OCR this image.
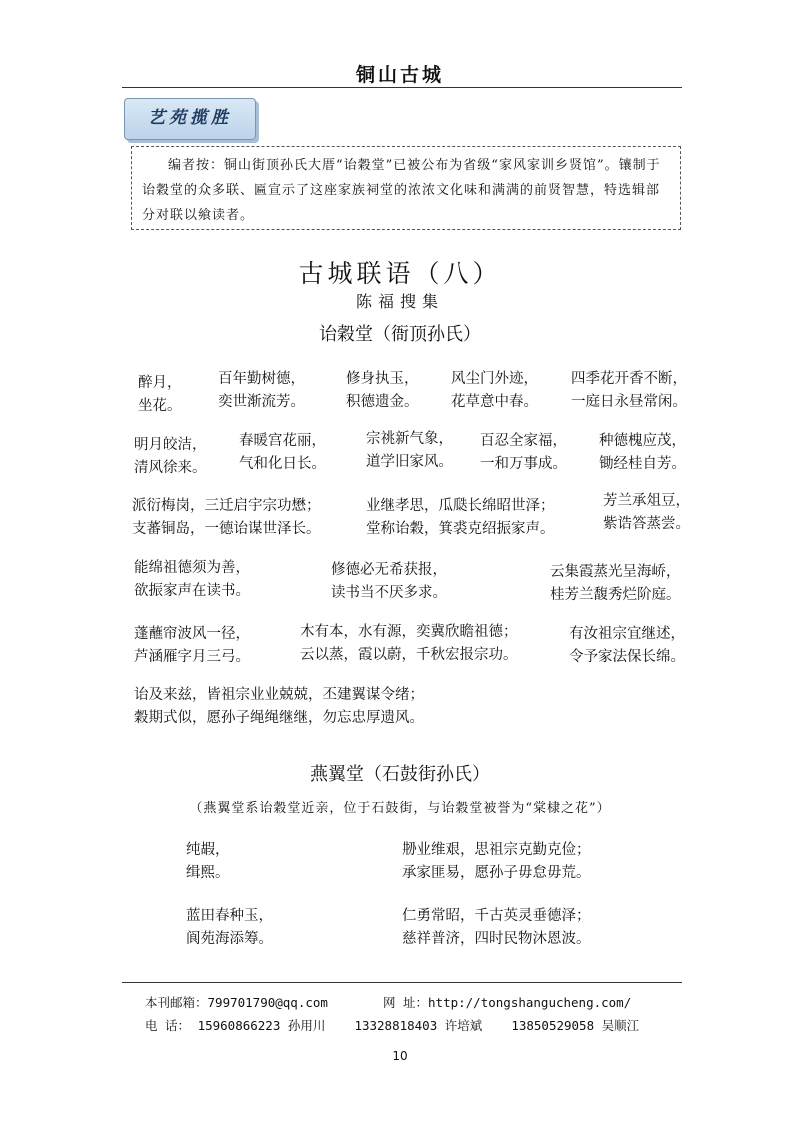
铜山古城
艺苑揽胜

编者按：铜山街顶孙氏大厝“诒穀堂”已被公布为省级“家风家训乡贤馆”。镶制于诒穀堂的众多联、匾宣示了这座家族祠堂的浓浓文化味和满满的前贤智慧，特选辑部分对联以飨读者。

古城联语（八）
陈福搜集
诒穀堂（衙顶孙氏）
醉月，
坐花。
百年勤树德，
奕世渐流芳。
修身执玉，
积德遗金。
风尘门外迹，
花草意中春。
四季花开香不断，
一庭日永昼常闲。
明月皎洁，
清风徐来。
春暖宫花丽，
气和化日长。
宗祧新气象，
道学旧家风。
百忍全家福，
一和万事成。
种德槐应茂，
锄经桂自芳。
派衍梅岗，三迁启宇宗功懋；
支蕃铜岛，一德诒谋世泽长。
业继孝思，瓜瓞长绵昭世泽；
堂称诒穀，箕裘克绍振家声。
芳兰承俎豆，
紫诰答蒸尝。
能绵祖德须为善，
欲振家声在读书。
修德必无希获报，
读书当不厌多求。
云集霞蒸光呈海峤，
桂芳兰馥秀烂阶庭。
蓬蘸帘波风一径，
芦涵雁字月三弓。
木有本，水有源，奕冀欣瞻祖德；
云以蒸，霞以蔚，千秋宏报宗功。
有汝祖宗宜继述，
令予家法保长绵。
诒及来兹，皆祖宗业业兢兢，丕建翼谋令绪；
穀期式似，愿孙子绳绳继继，勿忘忠厚遗风。
燕翼堂（石鼓街孙氏）
（燕翼堂系诒穀堂近亲，位于石鼓街，与诒穀堂被誉为“棠棣之花”）
纯嘏，
缉熙。
刱业维艰，思祖宗克勤克俭；
承家匪易，愿孙子毋怠毋荒。
蓝田春种玉，
阆苑海添筹。
仁勇常昭，千古英灵垂德泽；
慈祥普济，四时民物沐恩波。
本刊邮箱：799701790@qq.com	网 址：http://tongshangucheng.com/
电 话： 15960866223 孙用川 13328818403 许培斌 13850529058 吴顺江
10
